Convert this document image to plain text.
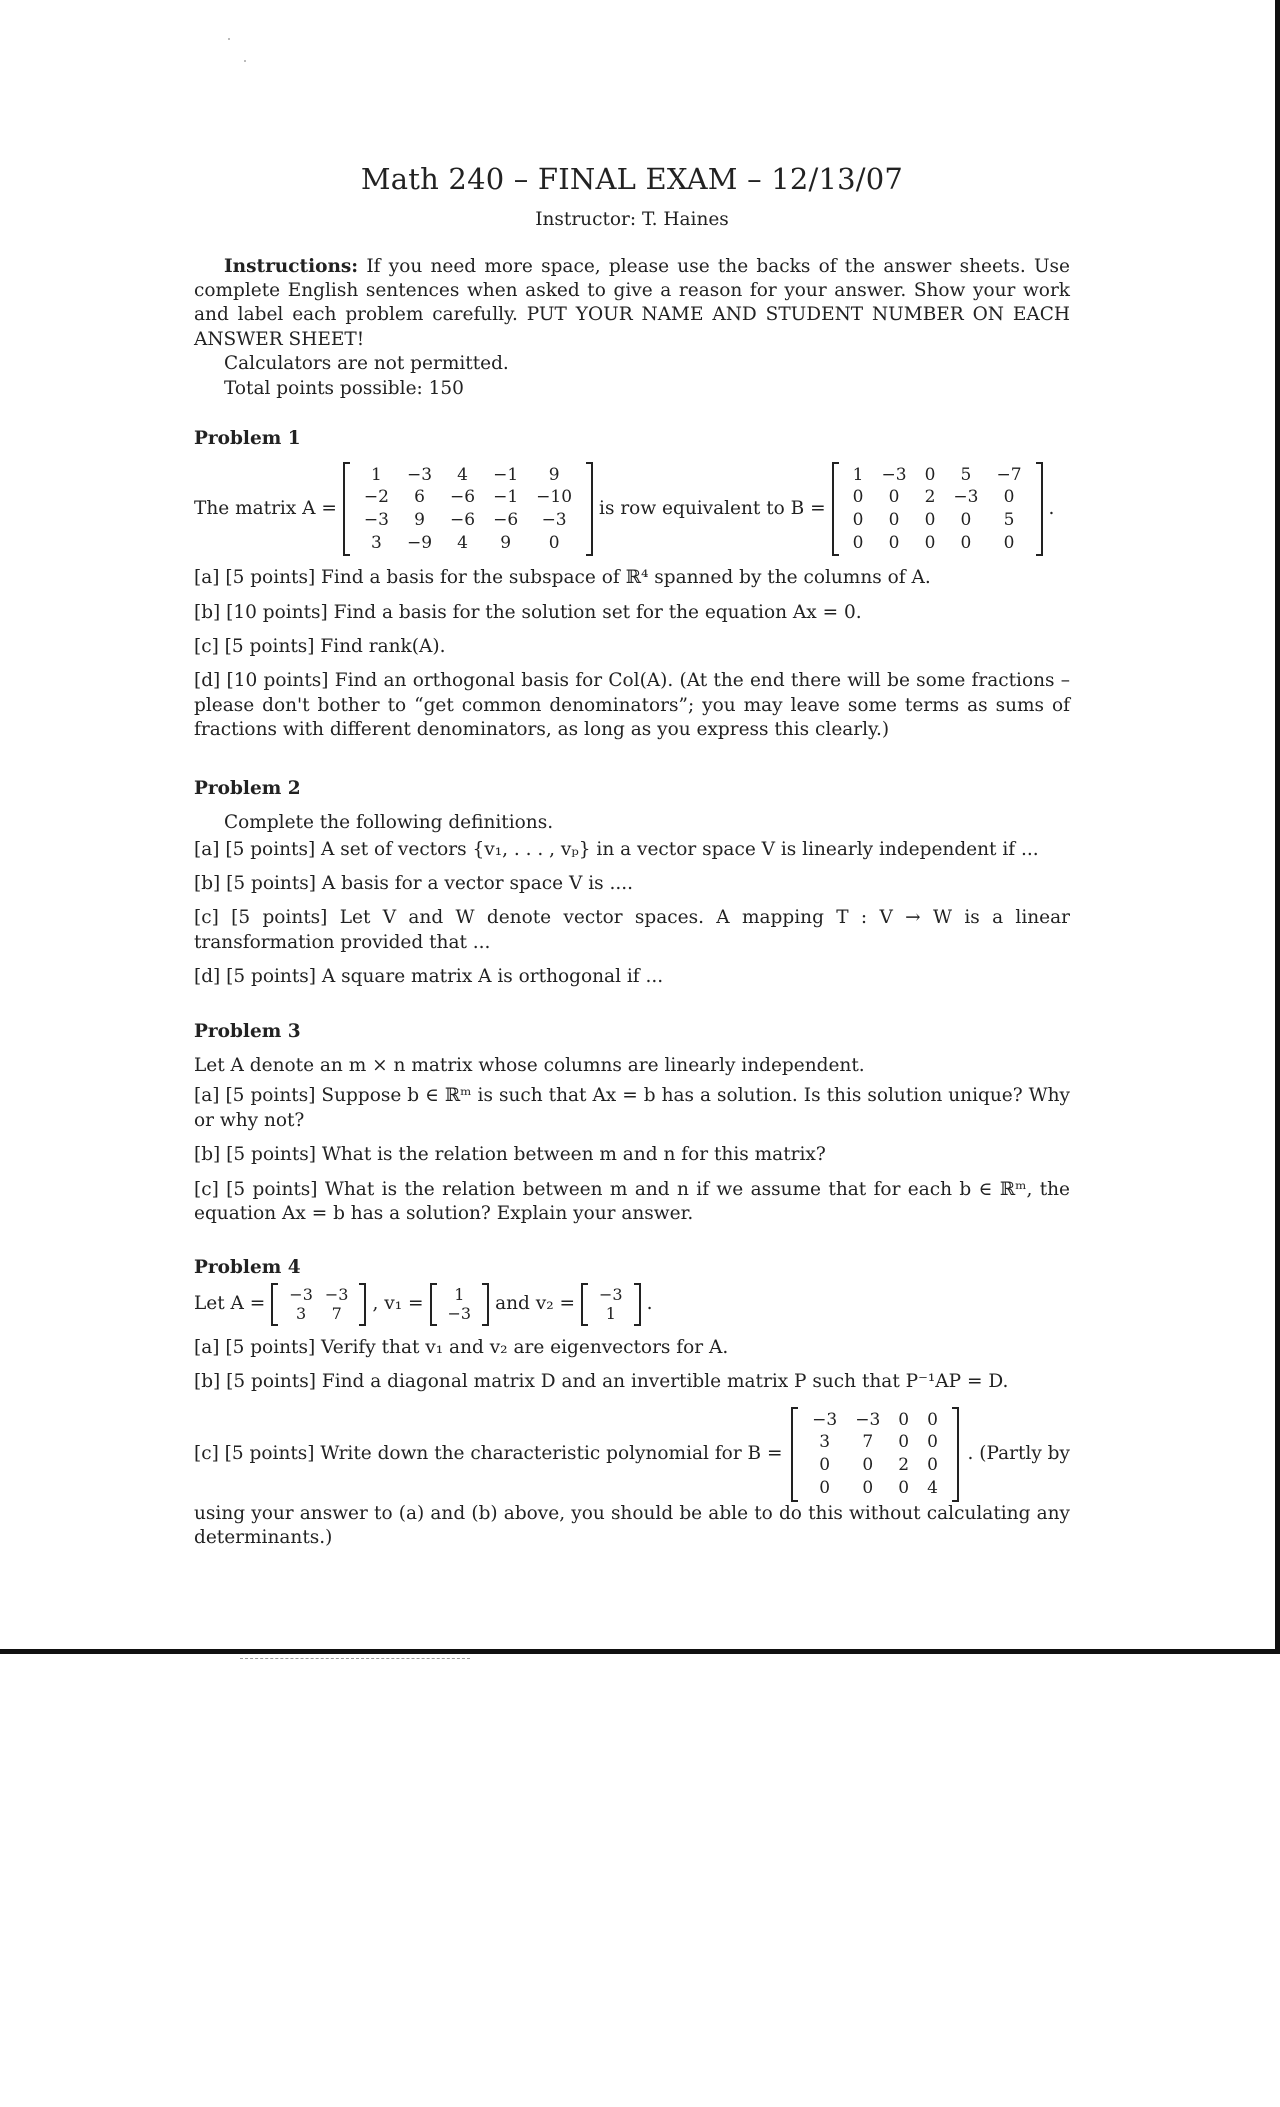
Math 240 – FINAL EXAM – 12/13/07
Instructor: T. Haines

Instructions: If you need more space, please use the backs of the answer sheets. Use complete English sentences when asked to give a reason for your answer. Show your work and label each problem carefully. PUT YOUR NAME AND STUDENT NUMBER ON EACH ANSWER SHEET!

Calculators are not permitted.
Total points possible: 150
Problem 1
The matrix A =
1	−3	4	−1	9
−2	6	−6	−1	−10
−3	9	−6	−6	−3
3	−9	4	9	0
is row equivalent to B =
1	−3	0	5	−7
0	0	2	−3	0
0	0	0	0	5
0	0	0	0	0
.
[a] [5 points] Find a basis for the subspace of ℝ⁴ spanned by the columns of A.
[b] [10 points] Find a basis for the solution set for the equation Ax = 0.
[c] [5 points] Find rank(A).
[d] [10 points] Find an orthogonal basis for Col(A). (At the end there will be some fractions – please don't bother to “get common denominators”; you may leave some terms as sums of fractions with different denominators, as long as you express this clearly.)
Problem 2
Complete the following definitions.
[a] [5 points] A set of vectors {v₁, . . . , vₚ} in a vector space V is linearly independent if ...
[b] [5 points] A basis for a vector space V is ....
[c] [5 points] Let V and W denote vector spaces. A mapping T : V → W is a linear transformation provided that ...
[d] [5 points] A square matrix A is orthogonal if ...
Problem 3
Let A denote an m × n matrix whose columns are linearly independent.
[a] [5 points] Suppose b ∈ ℝᵐ is such that Ax = b has a solution. Is this solution unique? Why or why not?
[b] [5 points] What is the relation between m and n for this matrix?
[c] [5 points] What is the relation between m and n if we assume that for each b ∈ ℝᵐ, the equation Ax = b has a solution? Explain your answer.
Problem 4
Let A = −3	−3
3	7 , v₁ = 1
−3 and v₂ = −3
1 .
[a] [5 points] Verify that v₁ and v₂ are eigenvectors for A.
[b] [5 points] Find a diagonal matrix D and an invertible matrix P such that P⁻¹AP = D.
[c] [5 points] Write down the characteristic polynomial for B =
−3	−3	0	0
3	7	0	0
0	0	2	0
0	0	0	4
. (Partly by
using your answer to (a) and (b) above, you should be able to do this without calculating any determinants.)
